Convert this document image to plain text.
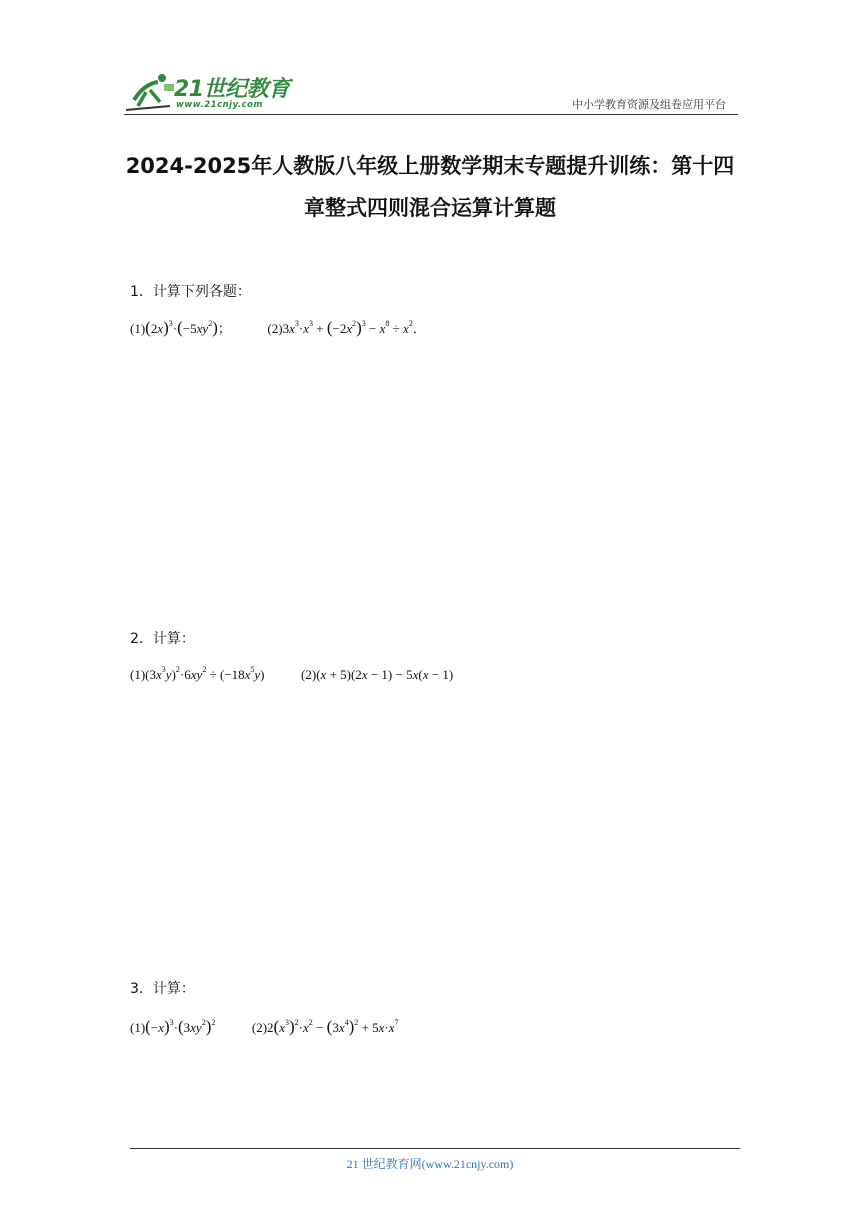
21世纪教育
www.21cnjy.com	中小学教育资源及组卷应用平台
2024-2025年人教版八年级上册数学期末专题提升训练：第十四
章整式四则混合运算计算题
1．计算下列各题：
$(1)(2x)^3\cdot(-5xy^2)$；	$(2)3x^3\cdot x^3 + (-2x^2)^3 - x^8 \div x^2$．
2．计算：
$(1)(3x^3y)^2\cdot 6xy^2 \div (-18x^5y)$	(2)(x + 5)(2x − 1) − 5x(x − 1)
3．计算：
$(1)(-x)^3\cdot(3xy^2)^2$	$(2)2(x^3)^2\cdot x^2 - (3x^4)^2 + 5x\cdot x^7$
21 世纪教育网(www.21cnjy.com)
